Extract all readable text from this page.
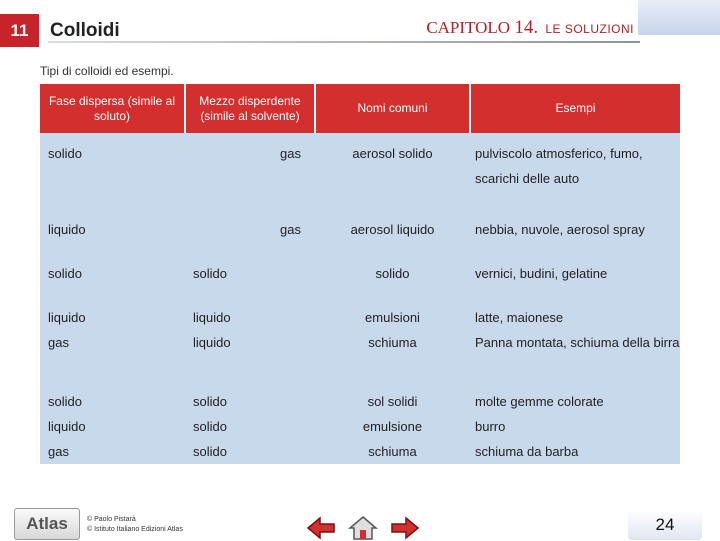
11	Colloidi	CAPITOLO 14. LE SOLUZIONI
Tipi di colloidi ed esempi.
Fase dispersa (simile al soluto)	Mezzo disperdente (simile al solvente)	Nomi comuni	Esempi
solido	gas	aerosol solido	pulviscolo atmosferico, fumo, scarichi delle auto
liquido	gas	aerosol liquido	nebbia, nuvole, aerosol spray
solido	solido	solido	vernici, budini, gelatine
liquido	liquido	emulsioni	latte, maionese
gas	liquido	schiuma	Panna montata, schiuma della birra

solido	solido	sol solidi	molte gemme colorate
liquido	solido	emulsione	burro
gas	solido	schiuma	schiuma da barba
Atlas	© Paolo Pistarà
© Istituto Italiano Edizioni Atlas	24
